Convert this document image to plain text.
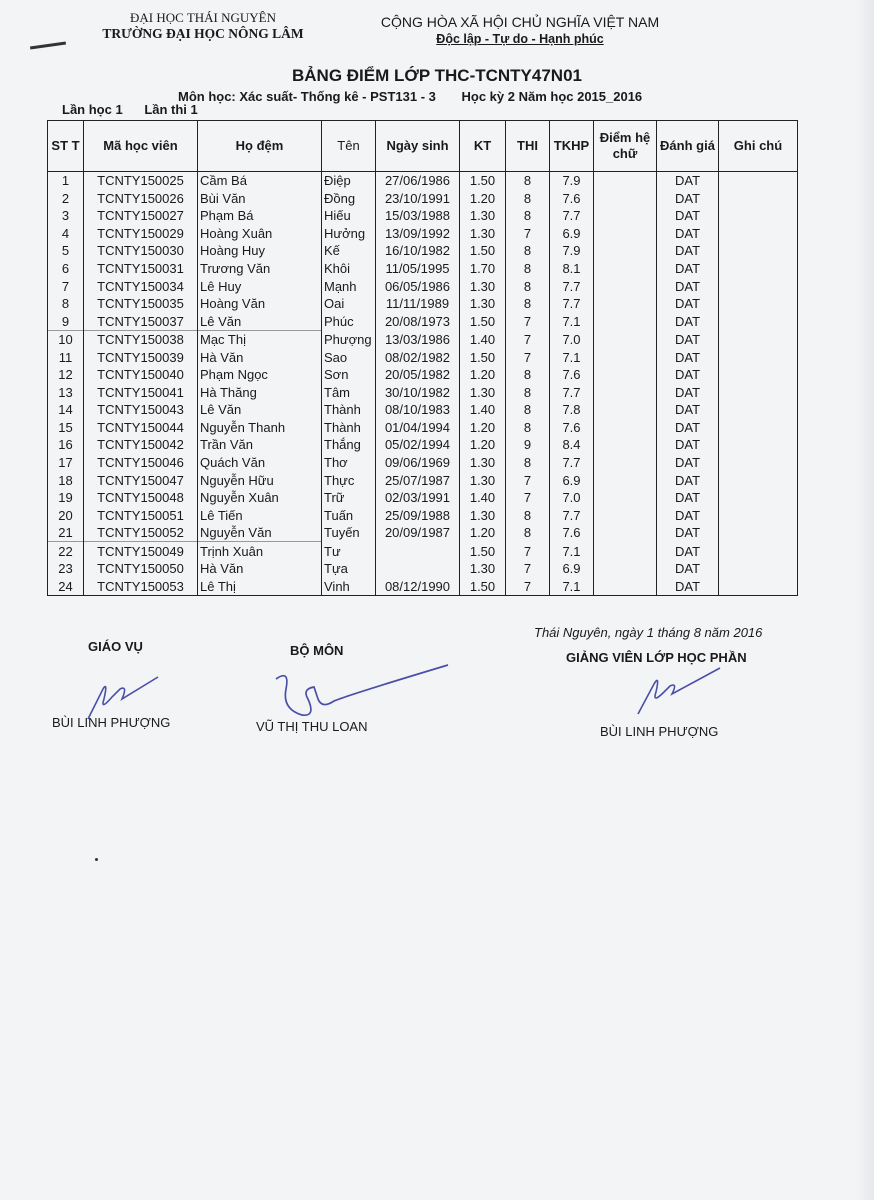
ĐẠI HỌC THÁI NGUYÊN
TRƯỜNG ĐẠI HỌC NÔNG LÂM
CỘNG HÒA XÃ HỘI CHỦ NGHĨA VIỆT NAM
Độc lập - Tự do - Hạnh phúc
BẢNG ĐIỂM LỚP THC-TCNTY47N01
Môn học: Xác suất- Thống kê - PST131 - 3 Học kỳ 2 Năm học 2015_2016
Lần học 1 Lần thi 1
ST T	Mã học viên	Họ đệm	Tên	Ngày sinh	KT	THI	TKHP	Điểm hệ chữ	Đánh giá	Ghi chú
1	TCNTY150025	Cầm Bá	Điệp	27/06/1986	1.50	8	7.9		DAT	
2	TCNTY150026	Bùi Văn	Đồng	23/10/1991	1.20	8	7.6		DAT	
3	TCNTY150027	Phạm Bá	Hiếu	15/03/1988	1.30	8	7.7		DAT	
4	TCNTY150029	Hoàng Xuân	Hưởng	13/09/1992	1.30	7	6.9		DAT	
5	TCNTY150030	Hoàng Huy	Kế	16/10/1982	1.50	8	7.9		DAT	
6	TCNTY150031	Trương Văn	Khôi	11/05/1995	1.70	8	8.1		DAT	
7	TCNTY150034	Lê Huy	Mạnh	06/05/1986	1.30	8	7.7		DAT	
8	TCNTY150035	Hoàng Văn	Oai	11/11/1989	1.30	8	7.7		DAT	
9	TCNTY150037	Lê Văn	Phúc	20/08/1973	1.50	7	7.1		DAT	
10	TCNTY150038	Mạc Thị	Phượng	13/03/1986	1.40	7	7.0		DAT	
11	TCNTY150039	Hà Văn	Sao	08/02/1982	1.50	7	7.1		DAT	
12	TCNTY150040	Phạm Ngọc	Sơn	20/05/1982	1.20	8	7.6		DAT	
13	TCNTY150041	Hà Thăng	Tâm	30/10/1982	1.30	8	7.7		DAT	
14	TCNTY150043	Lê Văn	Thành	08/10/1983	1.40	8	7.8		DAT	
15	TCNTY150044	Nguyễn Thanh	Thành	01/04/1994	1.20	8	7.6		DAT	
16	TCNTY150042	Trần Văn	Thắng	05/02/1994	1.20	9	8.4		DAT	
17	TCNTY150046	Quách Văn	Thơ	09/06/1969	1.30	8	7.7		DAT	
18	TCNTY150047	Nguyễn Hữu	Thực	25/07/1987	1.30	7	6.9		DAT	
19	TCNTY150048	Nguyễn Xuân	Trữ	02/03/1991	1.40	7	7.0		DAT	
20	TCNTY150051	Lê Tiến	Tuấn	25/09/1988	1.30	8	7.7		DAT	
21	TCNTY150052	Nguyễn Văn	Tuyến	20/09/1987	1.20	8	7.6		DAT	
22	TCNTY150049	Trịnh Xuân	Tư		1.50	7	7.1		DAT	
23	TCNTY150050	Hà Văn	Tựa		1.30	7	6.9		DAT	
24	TCNTY150053	Lê Thị	Vinh	08/12/1990	1.50	7	7.1		DAT	
Thái Nguyên, ngày 1 tháng 8 năm 2016
GIÁO VỤ
BÙI LINH PHƯỢNG
BỘ MÔN
VŨ THỊ THU LOAN
GIẢNG VIÊN LỚP HỌC PHẦN
BÙI LINH PHƯỢNG
